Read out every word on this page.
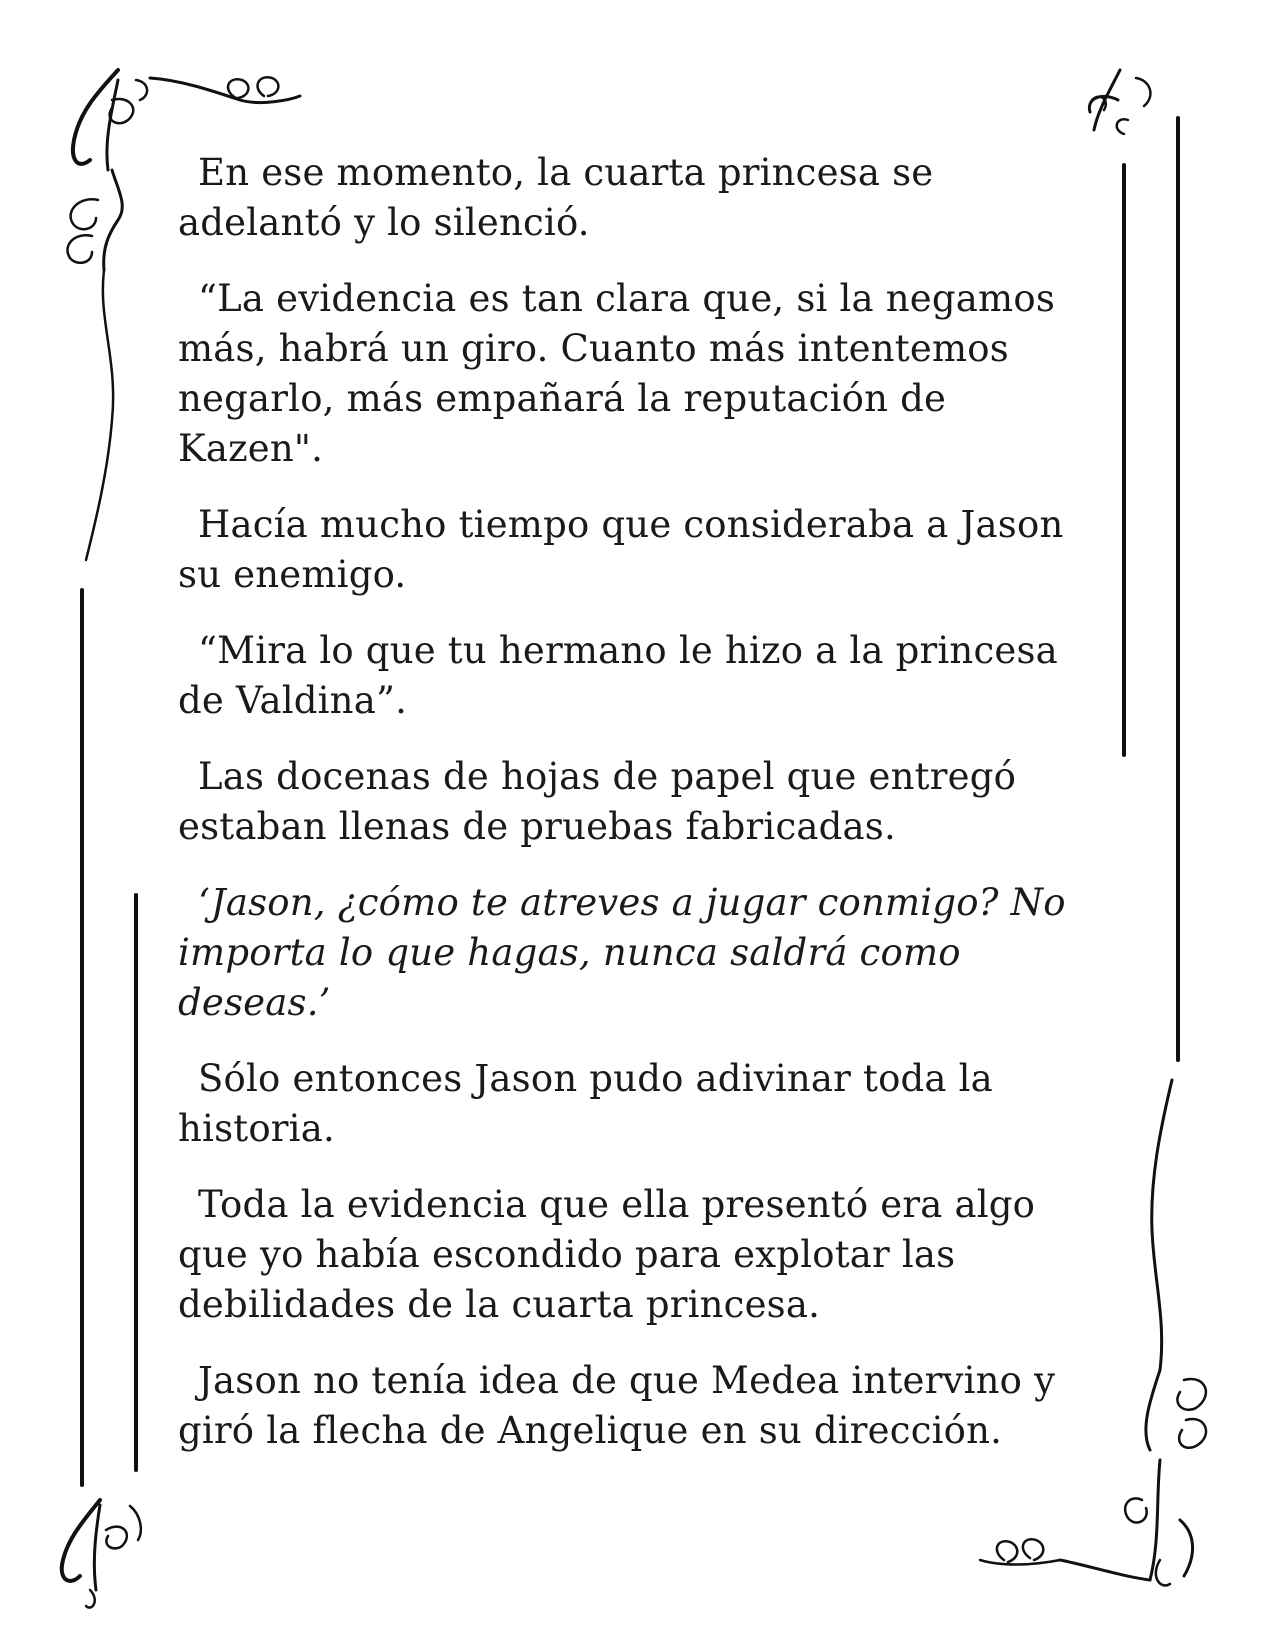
En ese momento, la cuarta princesa se adelantó y lo silenció.

“La evidencia es tan clara que, si la negamos más, habrá un giro. Cuanto más intentemos negarlo, más empañará la reputación de Kazen".

Hacía mucho tiempo que consideraba a Jason su enemigo.

“Mira lo que tu hermano le hizo a la princesa de Valdina”.

Las docenas de hojas de papel que entregó estaban llenas de pruebas fabricadas.

‘Jason, ¿cómo te atreves a jugar conmigo? No importa lo que hagas, nunca saldrá como deseas.’

Sólo entonces Jason pudo adivinar toda la historia.

Toda la evidencia que ella presentó era algo que yo había escondido para explotar las debilidades de la cuarta princesa.

Jason no tenía idea de que Medea intervino y giró la flecha de Angelique en su dirección.
